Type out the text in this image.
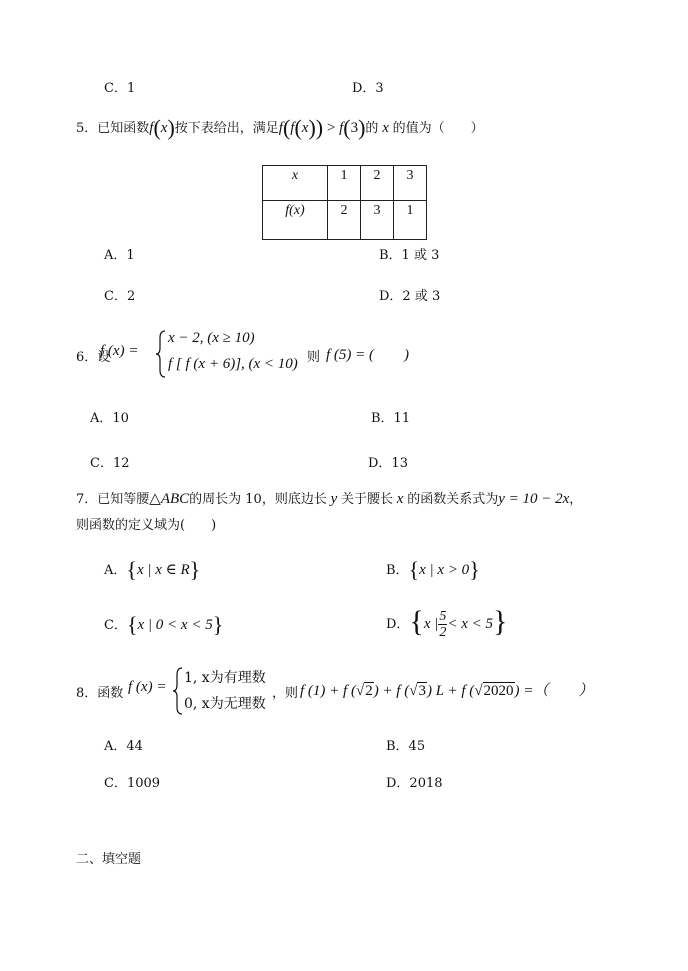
C．1	D．3
5．已知函数f(x)按下表给出，满足f(f(x)) > f(3)的 x 的值为（　　）
x	1	2	3
f(x)	2	3	1
A．1	B．1 或 3
C．2	D．2 或 3
6．设
f (x) =
x − 2, (x ≥ 10)
f [ f (x + 6)], (x < 10) 则 f (5) = (　　)
A．10	B．11
C．12	D．13
7．已知等腰△ABC的周长为 10，则底边长 y 关于腰长 x 的函数关系式为y = 10 − 2x，
则函数的定义域为(　　)
A．{x | x ∈ R}	B．{x | x > 0}
C．{x | 0 < x < 5}	D．{x | $\frac{5}{2} < x < 5$}
8．函数 f (x) =
1, x为有理数
0, x为无理数
，则 f (1) + f (√2) + f (√3) L + f (√2020) =（　　）
A．44	B．45
C．1009	D．2018
二、填空题
